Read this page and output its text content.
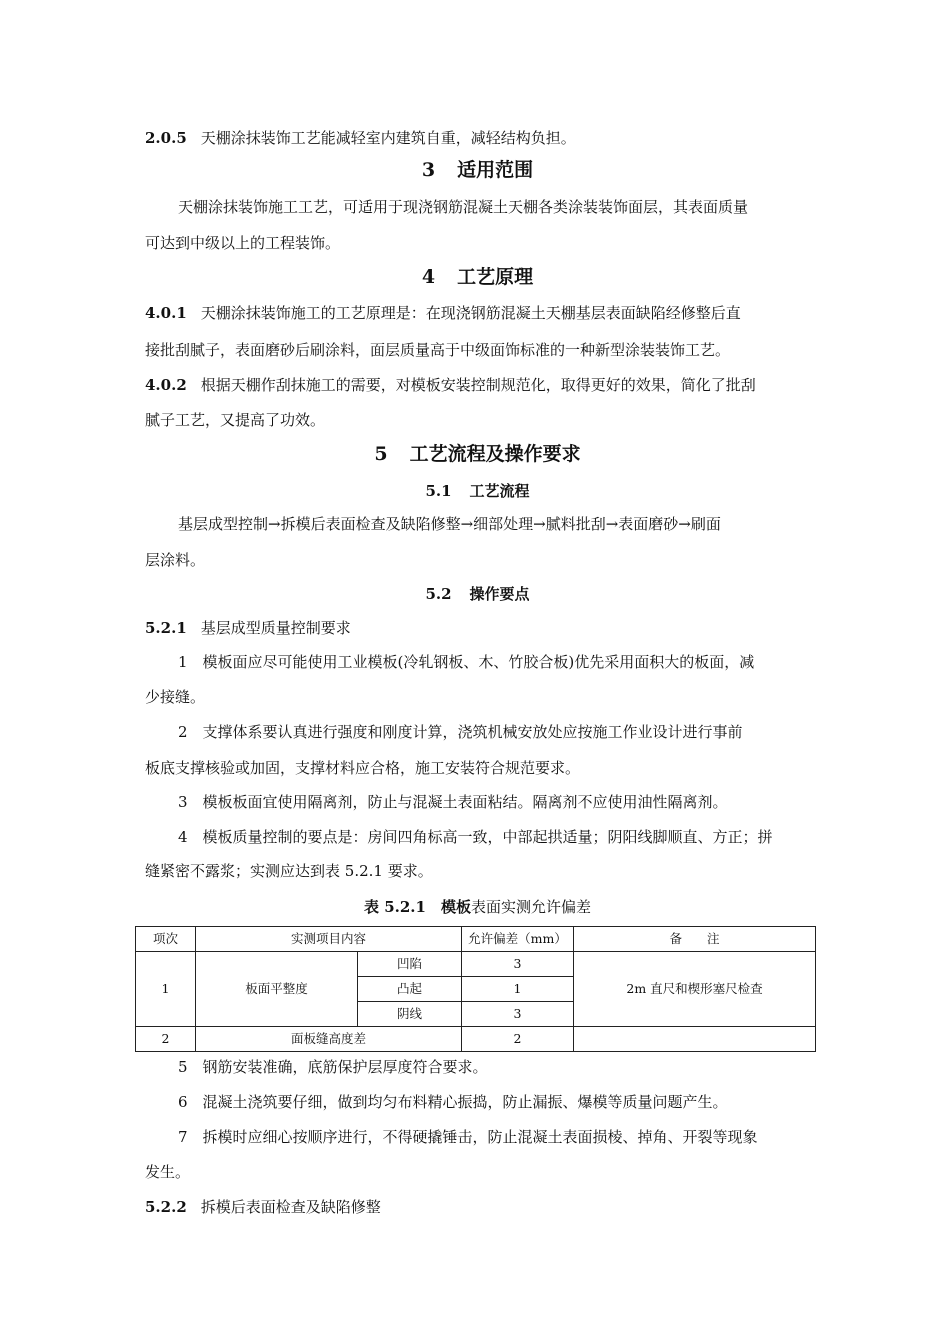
2.0.5 天棚涂抹装饰工艺能减轻室内建筑自重，减轻结构负担。
3 适用范围
天棚涂抹装饰施工工艺，可适用于现浇钢筋混凝土天棚各类涂装装饰面层，其表面质量
可达到中级以上的工程装饰。
4 工艺原理
4.0.1 天棚涂抹装饰施工的工艺原理是：在现浇钢筋混凝土天棚基层表面缺陷经修整后直
接批刮腻子，表面磨砂后刷涂料，面层质量高于中级面饰标准的一种新型涂装装饰工艺。
4.0.2 根据天棚作刮抹施工的需要，对模板安装控制规范化，取得更好的效果，简化了批刮
腻子工艺，又提高了功效。
5 工艺流程及操作要求
5.1 工艺流程
基层成型控制→拆模后表面检查及缺陷修整→细部处理→腻料批刮→表面磨砂→刷面
层涂料。
5.2 操作要点
5.2.1 基层成型质量控制要求
1　模板面应尽可能使用工业模板(冷轧钢板、木、竹胶合板)优先采用面积大的板面，减
少接缝。
2　支撑体系要认真进行强度和刚度计算，浇筑机械安放处应按施工作业设计进行事前
板底支撑核验或加固，支撑材料应合格，施工安装符合规范要求。
3　模板板面宜使用隔离剂，防止与混凝土表面粘结。隔离剂不应使用油性隔离剂。
4　模板质量控制的要点是：房间四角标高一致，中部起拱适量；阴阳线脚顺直、方正；拼
缝紧密不露浆；实测应达到表 5.2.1 要求。
表 5.2.1　 模板表面实测允许偏差
项次	实测项目内容		允许偏差（mm）	备　　注
1	板面平整度	凹陷	3	2m 直尺和楔形塞尺检查
		凸起	1	
		阴线	3	
2	面板缝高度差		2	
5　钢筋安装准确，底筋保护层厚度符合要求。
6　混凝土浇筑要仔细，做到均匀布料精心振捣，防止漏振、爆模等质量问题产生。
7　拆模时应细心按顺序进行，不得硬撬锤击，防止混凝土表面损棱、掉角、开裂等现象
发生。
5.2.2 拆模后表面检查及缺陷修整
